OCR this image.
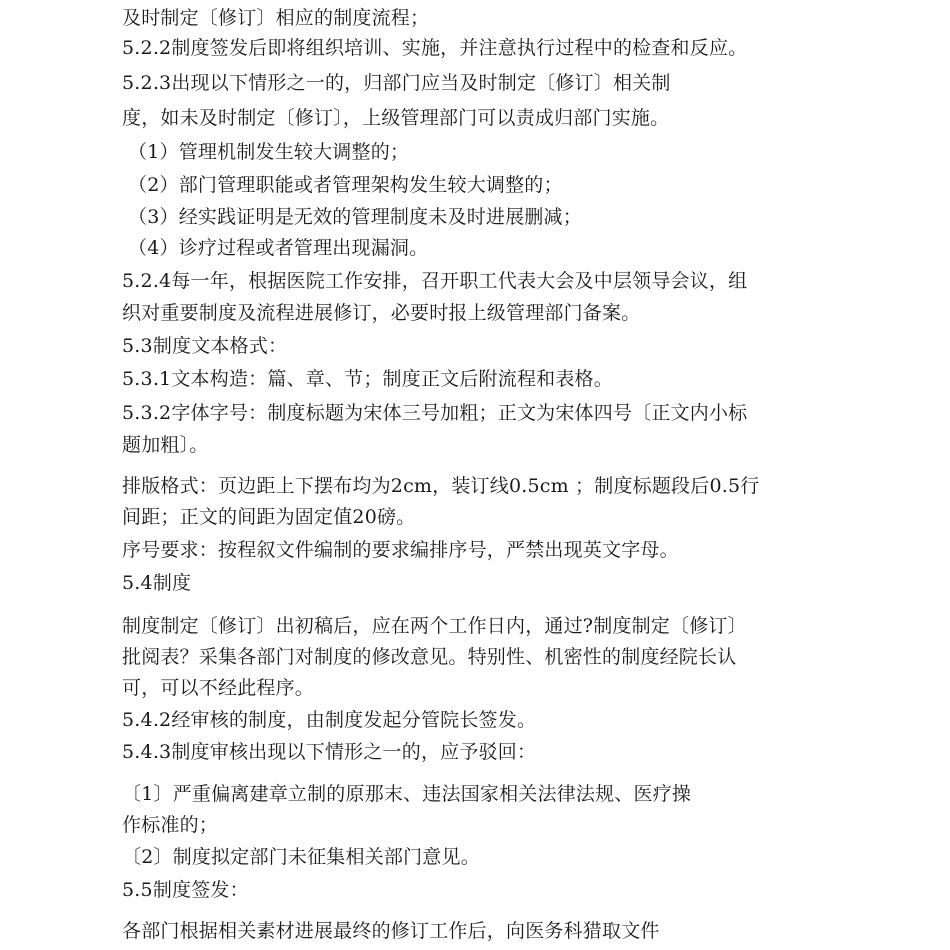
及时制定〔修订〕相应的制度流程；
5.2.2制度签发后即将组织培训、实施，并注意执行过程中的检查和反应。
5.2.3出现以下情形之一的，归部门应当及时制定〔修订〕相关制
度，如未及时制定〔修订〕，上级管理部门可以责成归部门实施。
（1）管理机制发生较大调整的；
（2）部门管理职能或者管理架构发生较大调整的；
（3）经实践证明是无效的管理制度未及时进展删减；
（4）诊疗过程或者管理出现漏洞。
5.2.4每一年，根据医院工作安排，召开职工代表大会及中层领导会议，组
织对重要制度及流程进展修订，必要时报上级管理部门备案。
5.3制度文本格式：
5.3.1文本构造：篇、章、节；制度正文后附流程和表格。
5.3.2字体字号：制度标题为宋体三号加粗；正文为宋体四号〔正文内小标
题加粗〕。
排版格式：页边距上下摆布均为2cm，装订线0.5cm ；制度标题段后0.5行
间距；正文的间距为固定值20磅。
序号要求：按程叙文件编制的要求编排序号，严禁出现英文字母。
5.4制度
制度制定〔修订〕出初稿后，应在两个工作日内，通过?制度制定〔修订〕
批阅表？采集各部门对制度的修改意见。特别性、机密性的制度经院长认
可，可以不经此程序。
5.4.2经审核的制度，由制度发起分管院长签发。
5.4.3制度审核出现以下情形之一的，应予驳回：
〔1〕严重偏离建章立制的原那末、违法国家相关法律法规、医疗操
作标准的；
〔2〕制度拟定部门未征集相关部门意见。
5.5制度签发：
各部门根据相关素材进展最终的修订工作后，向医务科猎取文件
